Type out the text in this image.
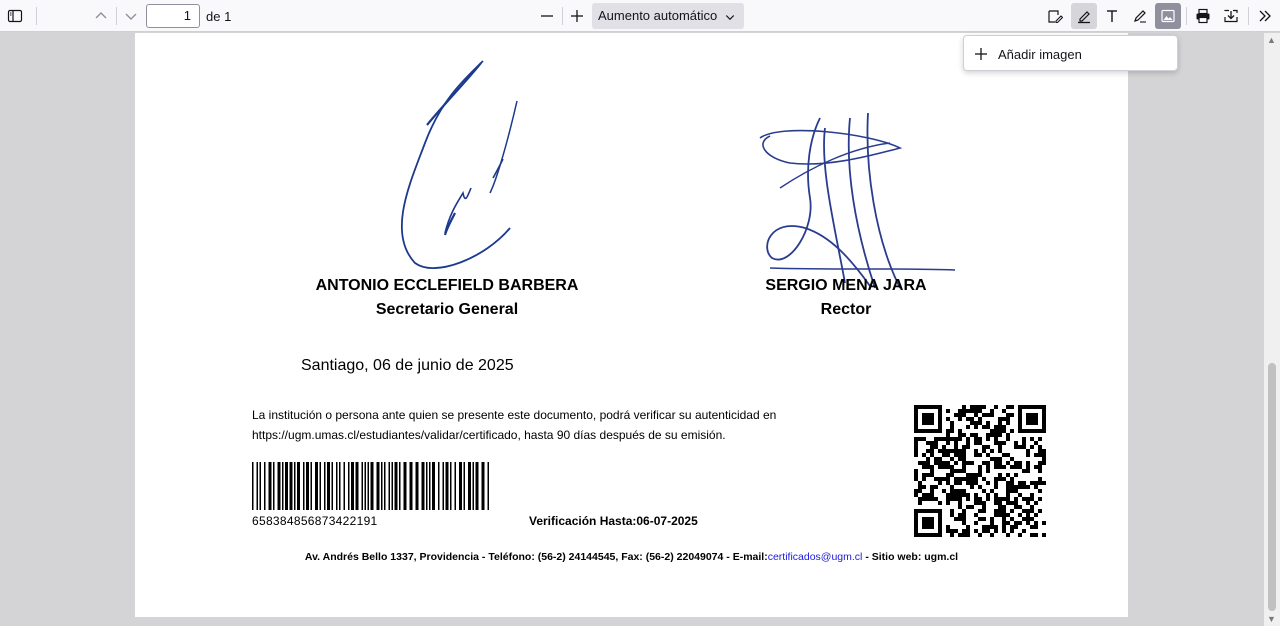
1	de 1	Aumento automático
ANTONIO ECCLEFIELD BARBERA
Secretario General
SERGIO MENA JARA
Rector
Santiago, 06 de junio de 2025
La institución o persona ante quien se presente este documento, podrá verificar su autenticidad en
https://ugm.umas.cl/estudiantes/validar/certificado, hasta 90 días después de su emisión.
658384856873422191	Verificación Hasta:06-07-2025
Av. Andrés Bello 1337, Providencia - Teléfono: (56-2) 24144545, Fax: (56-2) 22049074 - E-mail:certificados@ugm.cl - Sitio web: ugm.cl
▲
▼
Añadir imagen
